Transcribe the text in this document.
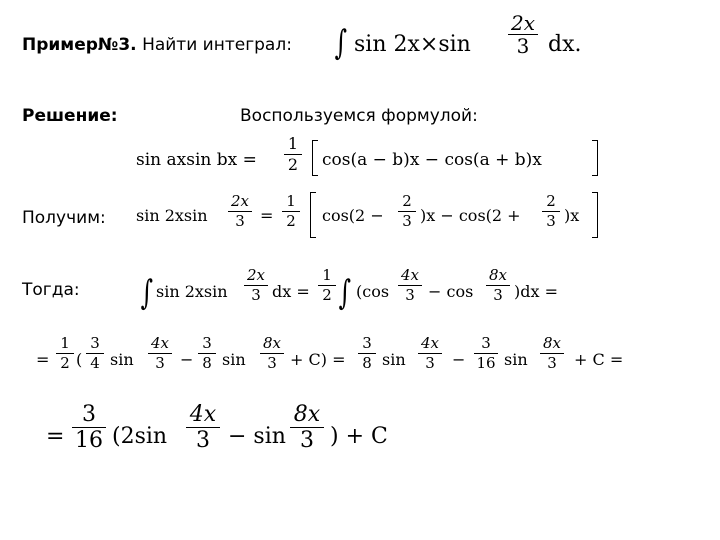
Пример№3. Найти интеграл:
Решение:	Воспользуемся формулой:
Получим:
Тогда:
∫ sin 2x×sin
2x
3 dx.
sin axsin bx =
1
2 cos(a − b)x − cos(a + b)x
sin 2xsin
2x
3 =
1
2 cos(2 −
2
3 )x − cos(2 +
2
3 )x
∫ sin 2xsin
2x
3 dx =
1
2 ∫ (cos
4x
3 − cos
8x
3 )dx =
=
1
2 (
3
4 sin
4x
3 −
3
8 sin
8x
3 + C) =
3
8 sin
4x
3	−
3
16 sin
8x
3	+ C =
=
3
16 (2sin
4x
3 − sin
8x
3 ) + C
